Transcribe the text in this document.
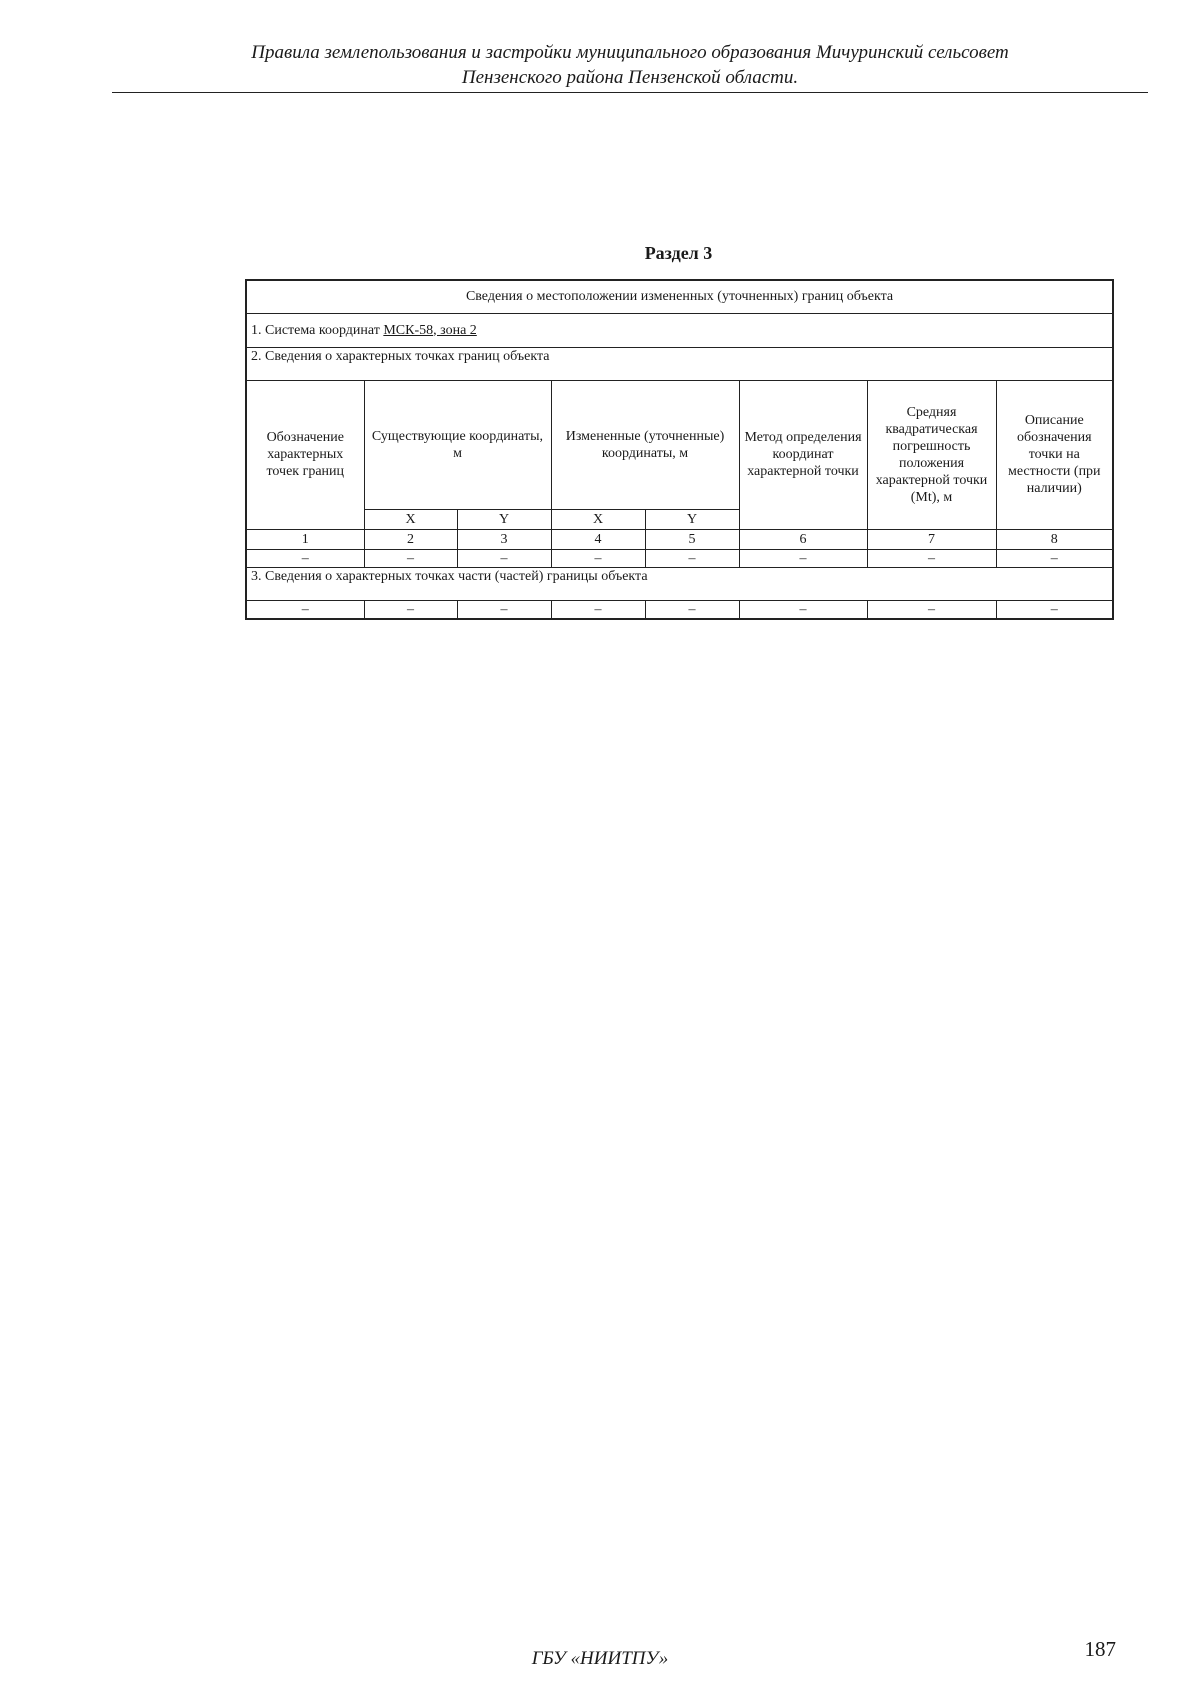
Правила землепользования и застройки муниципального образования Мичуринский сельсовет
Пензенского района Пензенской области.
Раздел 3
Сведения о местоположении измененных (уточненных) границ объекта							
1. Система координат МСК-58, зона 2							
2. Сведения о характерных точках границ объекта							
Обозначение характерных точек границ	Существующие координаты, м		Измененные (уточненные) координаты, м		Метод определения координат характерной точки	Средняя квадратическая погрешность положения характерной точки (Mt), м	Описание обозначения точки на местности (при наличии)
	X	Y	X	Y			
1	2	3	4	5	6	7	8
–	–	–	–	–	–	–	–
3. Сведения о характерных точках части (частей) границы объекта							
–	–	–	–	–	–	–	–
ГБУ «НИИТПУ»	187
